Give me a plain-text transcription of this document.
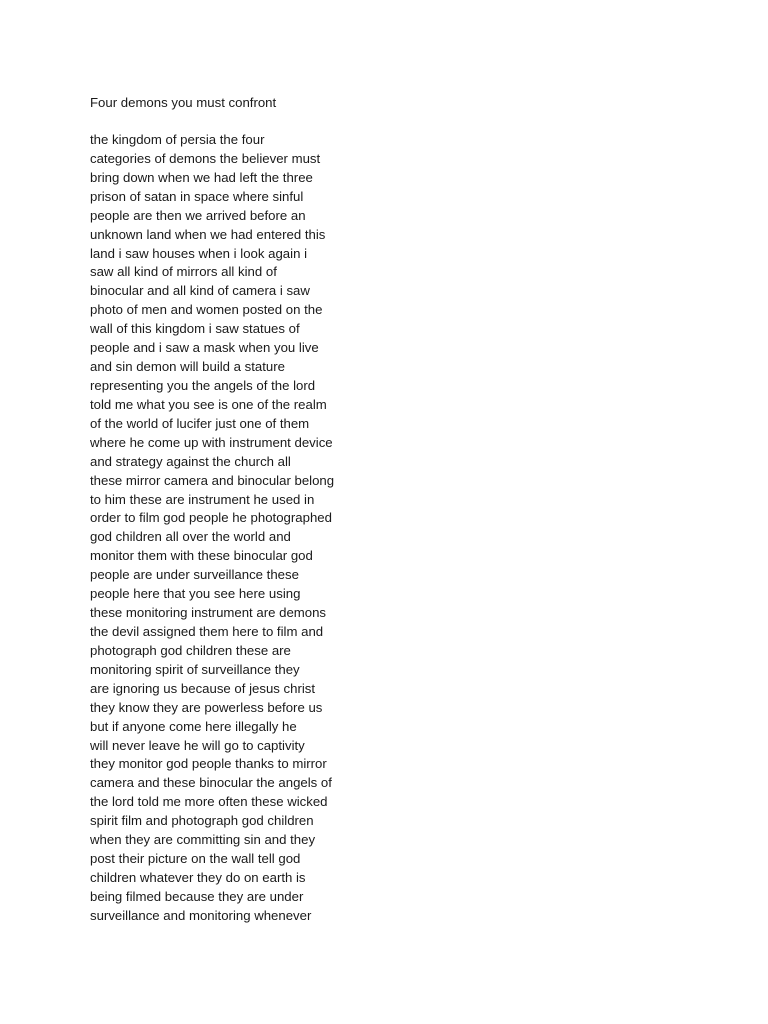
Four demons you must confront
the kingdom of persia the four
categories of demons the believer must
bring down when we had left the three
prison of satan in space where sinful
people are then we arrived before an
unknown land when we had entered this
land i saw houses when i look again i
saw all kind of mirrors all kind of
binocular and all kind of camera i saw
photo of men and women posted on the
wall of this kingdom i saw statues of
people and i saw a mask when you live
and sin demon will build a stature
representing you the angels of the lord
told me what you see is one of the realm
of the world of lucifer just one of them
where he come up with instrument device
and strategy against the church all
these mirror camera and binocular belong
to him these are instrument he used in
order to film god people he photographed
god children all over the world and
monitor them with these binocular god
people are under surveillance these
people here that you see here using
these monitoring instrument are demons
the devil assigned them here to film and
photograph god children these are
monitoring spirit of surveillance they
are ignoring us because of jesus christ
they know they are powerless before us
but if anyone come here illegally he
will never leave he will go to captivity
they monitor god people thanks to mirror
camera and these binocular the angels of
the lord told me more often these wicked
spirit film and photograph god children
when they are committing sin and they
post their picture on the wall tell god
children whatever they do on earth is
being filmed because they are under
surveillance and monitoring whenever
